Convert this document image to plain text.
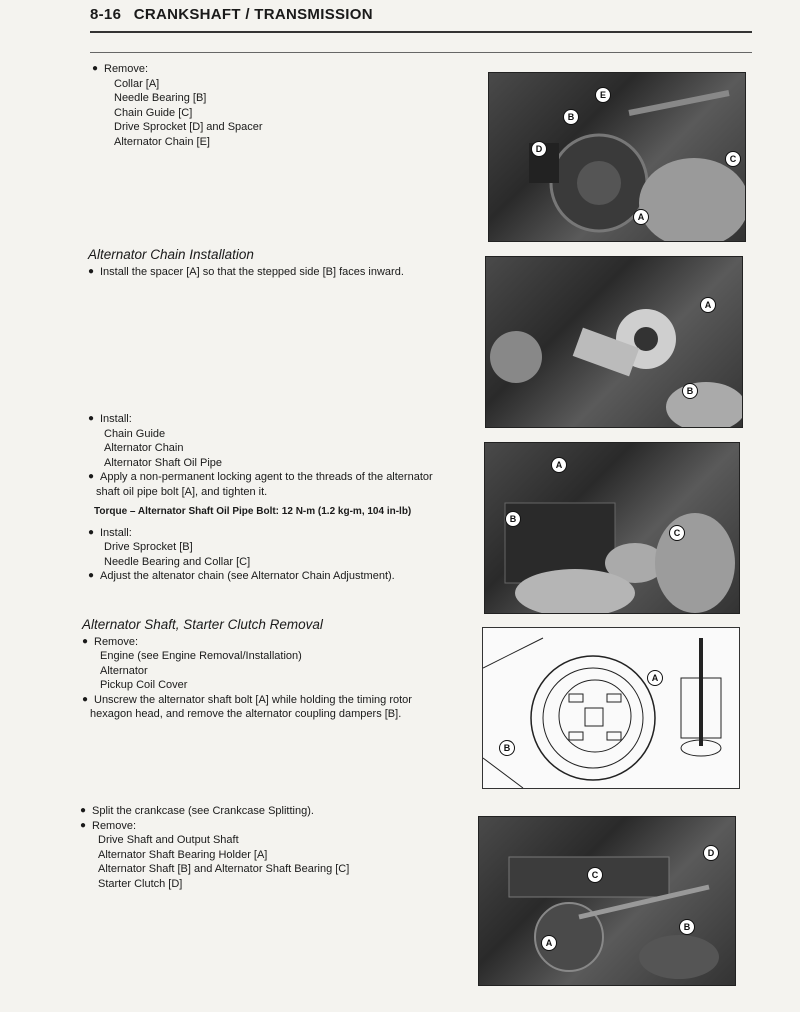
8-16 CRANKSHAFT / TRANSMISSION
● Remove:
Collar [A]
Needle Bearing [B]
Chain Guide [C]
Drive Sprocket [D] and Spacer
Alternator Chain [E]
Alternator Chain Installation
● Install the spacer [A] so that the stepped side [B] faces inward.
● Install:
Chain Guide
Alternator Chain
Alternator Shaft Oil Pipe
● Apply a non-permanent locking agent to the threads of the alternator
shaft oil pipe bolt [A], and tighten it.
Torque – Alternator Shaft Oil Pipe Bolt: 12 N-m (1.2 kg-m, 104 in-lb)
● Install:
Drive Sprocket [B]
Needle Bearing and Collar [C]
● Adjust the altenator chain (see Alternator Chain Adjustment).
Alternator Shaft, Starter Clutch Removal
● Remove:
Engine (see Engine Removal/Installation)
Alternator
Pickup Coil Cover
● Unscrew the alternator shaft bolt [A] while holding the timing rotor
hexagon head, and remove the alternator coupling dampers [B].
● Split the crankcase (see Crankcase Splitting).
● Remove:
Drive Shaft and Output Shaft
Alternator Shaft Bearing Holder [A]
Alternator Shaft [B] and Alternator Shaft Bearing [C]
Starter Clutch [D]
E
B
D
C
A
A
B
A
B
C
A
B
D
C
B
A
